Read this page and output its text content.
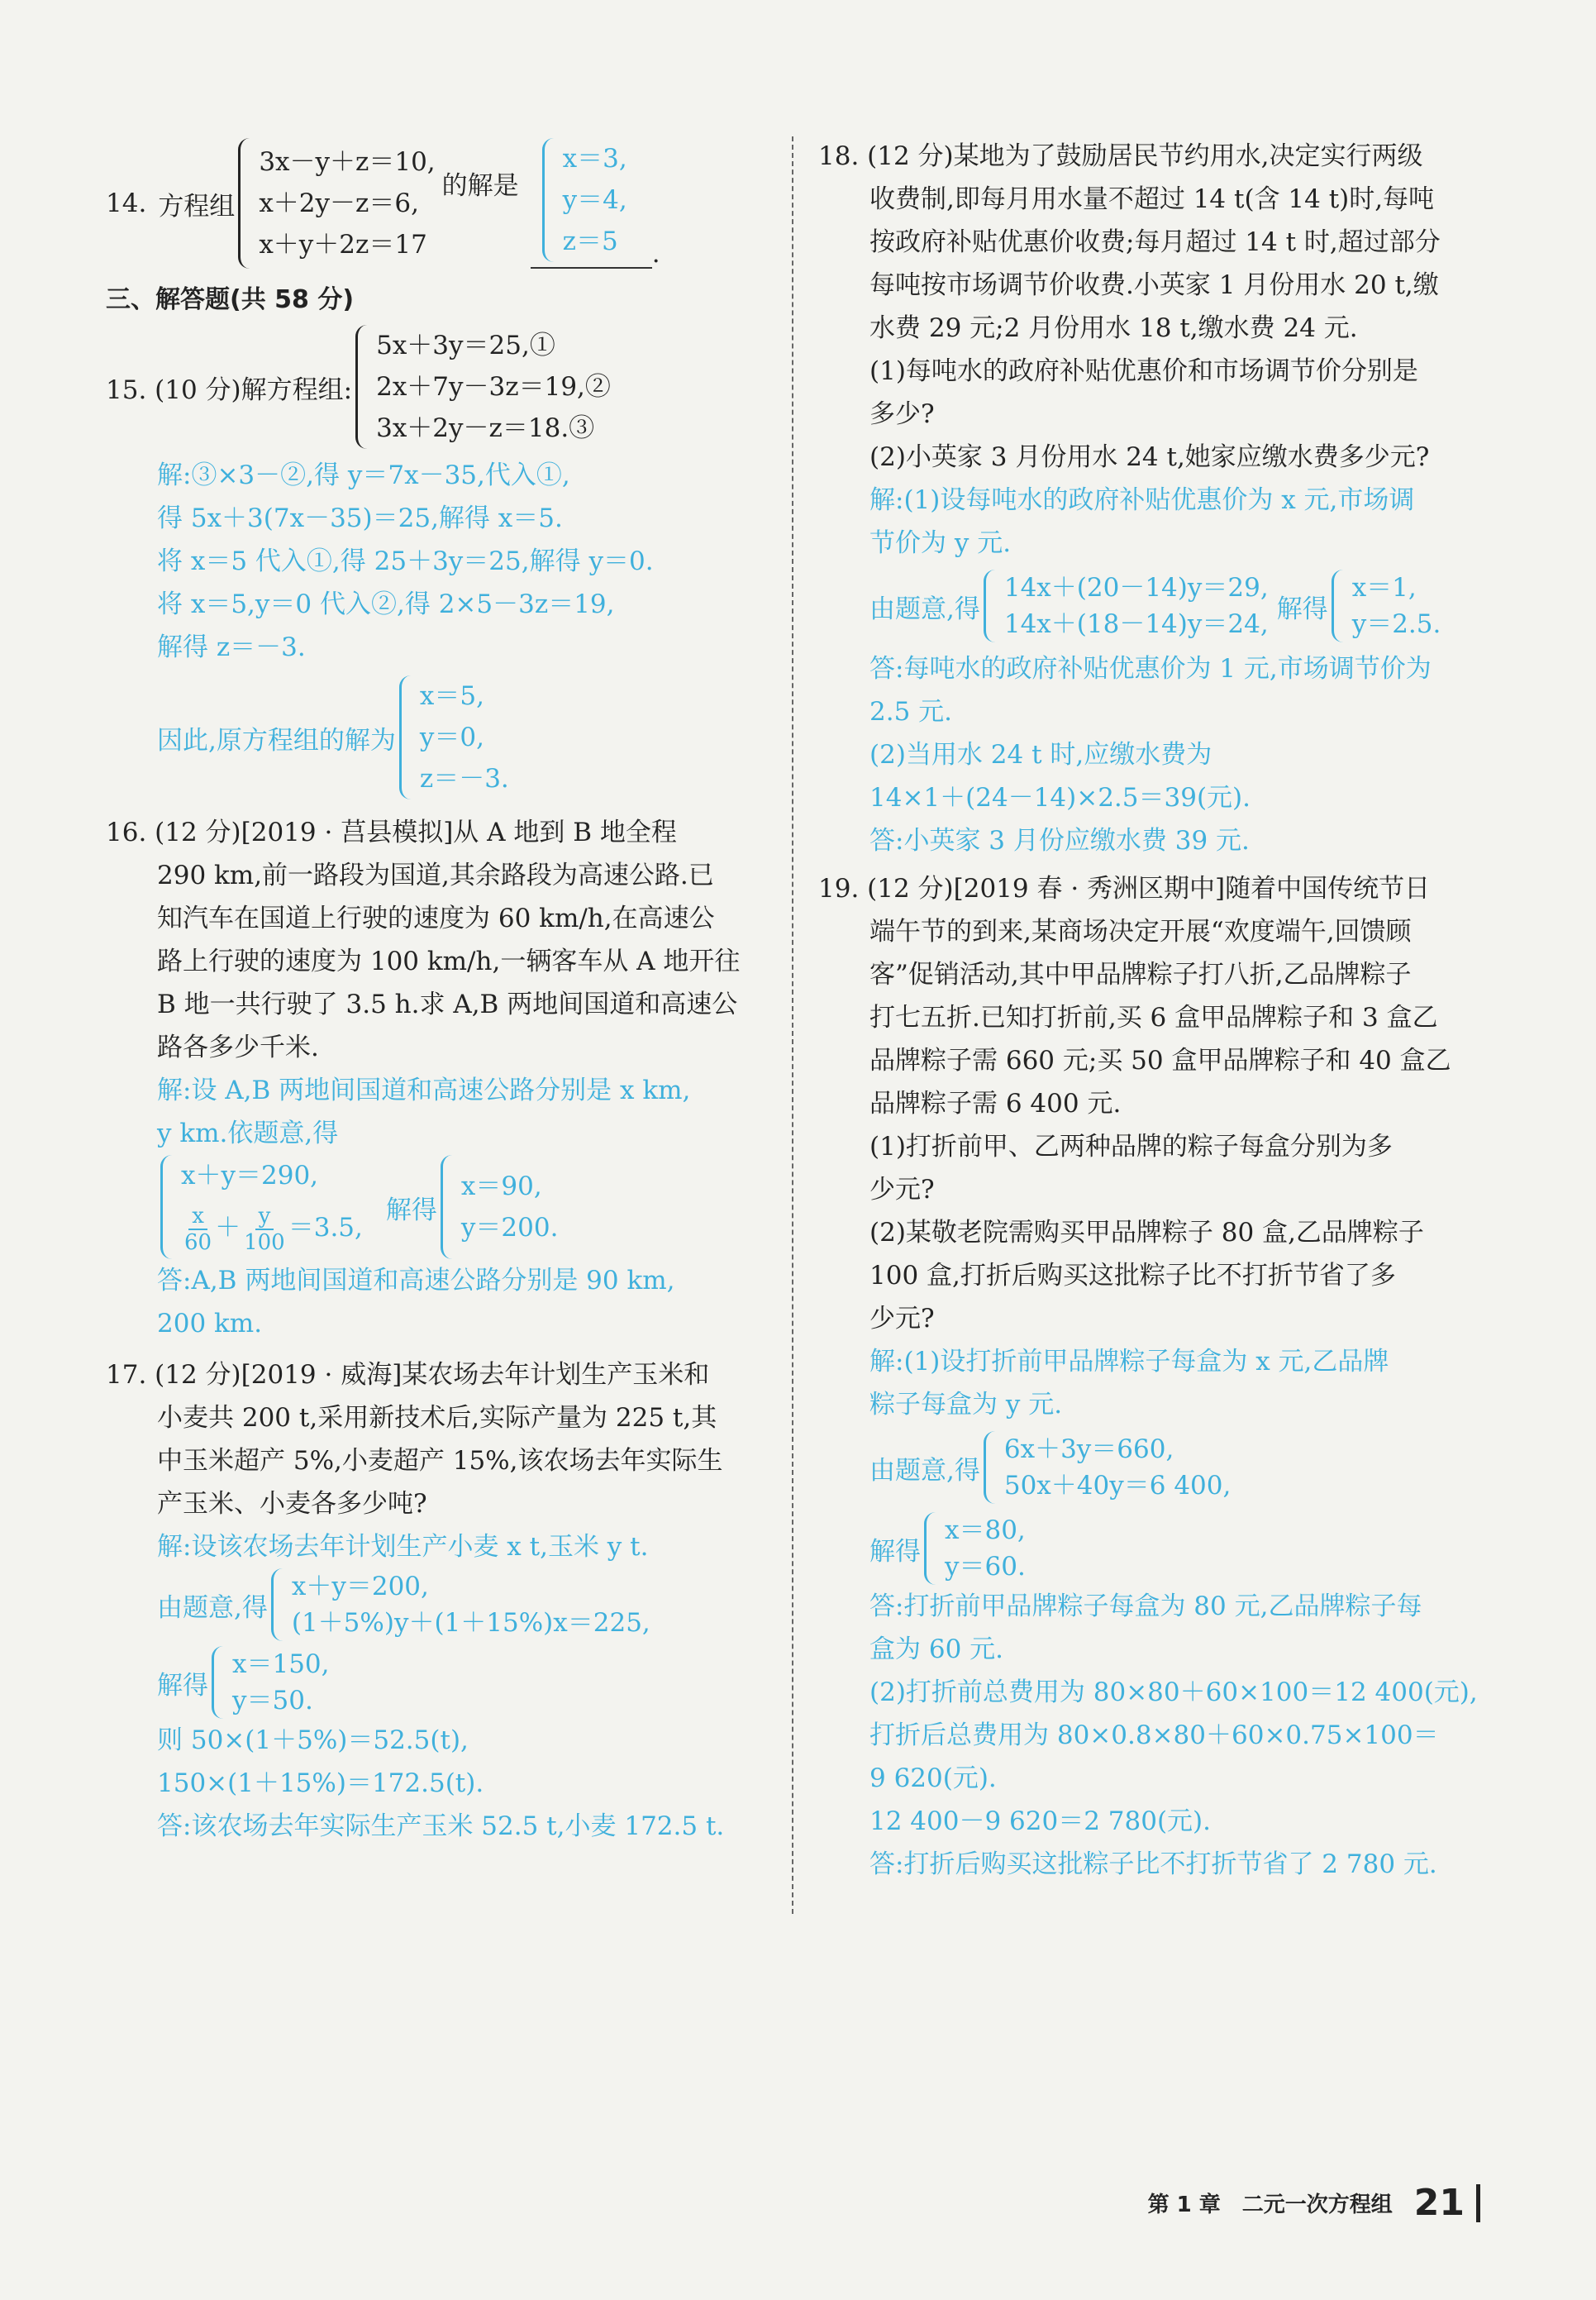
14. 方程组
3x－y＋z＝10,
x＋2y－z＝6,
x＋y＋2z＝17
的解是
x＝3,
y＝4,
z＝5	.
三、解答题(共 58 分)
15. (10 分)解方程组:
5x＋3y＝25,①
2x＋7y－3z＝19,②
3x＋2y－z＝18.③
解:③×3－②,得 y＝7x－35,代入①,
得 5x＋3(7x－35)＝25,解得 x＝5.
将 x＝5 代入①,得 25＋3y＝25,解得 y＝0.
将 x＝5,y＝0 代入②,得 2×5－3z＝19,
解得 z＝－3.
因此,原方程组的解为
x＝5,
y＝0,
z＝－3.
16. (12 分)[2019 · 莒县模拟]从 A 地到 B 地全程
290 km,前一路段为国道,其余路段为高速公路.已
知汽车在国道上行驶的速度为 60 km/h,在高速公
路上行驶的速度为 100 km/h,一辆客车从 A 地开往
B 地一共行驶了 3.5 h.求 A,B 两地间国道和高速公
路各多少千米.
解:设 A,B 两地间国道和高速公路分别是 x km,
y km.依题意,得
x＋y＝290,
$\frac{x}{60} + \frac{y}{100} =3.5$,
解得
x＝90,
y＝200.
答:A,B 两地间国道和高速公路分别是 90 km,
200 km.
17. (12 分)[2019 · 威海]某农场去年计划生产玉米和
小麦共 200 t,采用新技术后,实际产量为 225 t,其
中玉米超产 5%,小麦超产 15%,该农场去年实际生
产玉米、小麦各多少吨?
解:设该农场去年计划生产小麦 x t,玉米 y t.
由题意,得
x＋y＝200,
(1＋5%)y＋(1＋15%)x＝225,
解得
x＝150,
y＝50.
则 50×(1＋5%)＝52.5(t),
150×(1＋15%)＝172.5(t).
答:该农场去年实际生产玉米 52.5 t,小麦 172.5 t.
18. (12 分)某地为了鼓励居民节约用水,决定实行两级
收费制,即每月用水量不超过 14 t(含 14 t)时,每吨
按政府补贴优惠价收费;每月超过 14 t 时,超过部分
每吨按市场调节价收费.小英家 1 月份用水 20 t,缴
水费 29 元;2 月份用水 18 t,缴水费 24 元.
(1)每吨水的政府补贴优惠价和市场调节价分别是
多少?
(2)小英家 3 月份用水 24 t,她家应缴水费多少元?
解:(1)设每吨水的政府补贴优惠价为 x 元,市场调
节价为 y 元.
由题意,得
14x＋(20－14)y＝29,
14x＋(18－14)y＝24,
解得
x＝1,
y＝2.5.
答:每吨水的政府补贴优惠价为 1 元,市场调节价为
2.5 元.
(2)当用水 24 t 时,应缴水费为
14×1＋(24－14)×2.5＝39(元).
答:小英家 3 月份应缴水费 39 元.
19. (12 分)[2019 春 · 秀洲区期中]随着中国传统节日
端午节的到来,某商场决定开展“欢度端午,回馈顾
客”促销活动,其中甲品牌粽子打八折,乙品牌粽子
打七五折.已知打折前,买 6 盒甲品牌粽子和 3 盒乙
品牌粽子需 660 元;买 50 盒甲品牌粽子和 40 盒乙
品牌粽子需 6 400 元.
(1)打折前甲、乙两种品牌的粽子每盒分别为多
少元?
(2)某敬老院需购买甲品牌粽子 80 盒,乙品牌粽子
100 盒,打折后购买这批粽子比不打折节省了多
少元?
解:(1)设打折前甲品牌粽子每盒为 x 元,乙品牌
粽子每盒为 y 元.
由题意,得
6x＋3y＝660,
50x＋40y＝6 400,
解得
x＝80,
y＝60.
答:打折前甲品牌粽子每盒为 80 元,乙品牌粽子每
盒为 60 元.
(2)打折前总费用为 80×80＋60×100＝12 400(元),
打折后总费用为 80×0.8×80＋60×0.75×100＝
9 620(元).
12 400－9 620＝2 780(元).
答:打折后购买这批粽子比不打折节省了 2 780 元.
第 1 章　二元一次方程组 21
